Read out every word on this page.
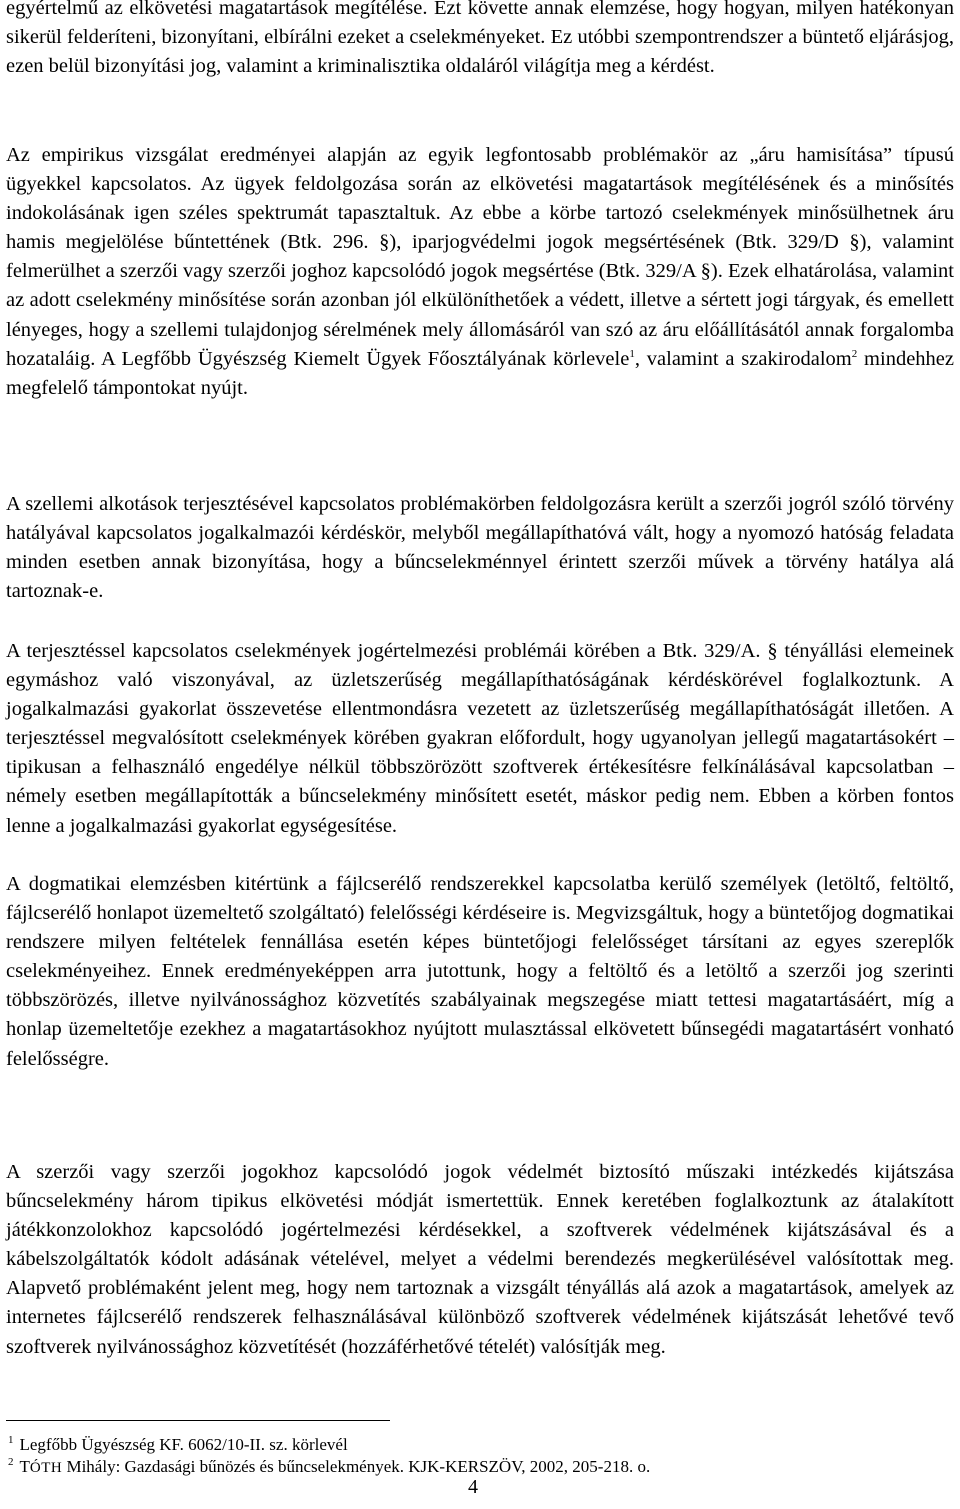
egyértelmű az elkövetési magatartások megítélése. Ezt követte annak elemzése, hogy hogyan, milyen hatékonyan sikerül felderíteni, bizonyítani, elbírálni ezeket a cselekményeket. Ez utóbbi szempontrendszer a büntető eljárásjog, ezen belül bizonyítási jog, valamint a kriminalisztika oldaláról világítja meg a kérdést.

Az empirikus vizsgálat eredményei alapján az egyik legfontosabb problémakör az „áru hamisítása” típusú ügyekkel kapcsolatos. Az ügyek feldolgozása során az elkövetési magatartások megítélésének és a minősítés indokolásának igen széles spektrumát tapasztaltuk. Az ebbe a körbe tartozó cselekmények minősülhetnek áru hamis megjelölése bűntettének (Btk. 296. §), iparjogvédelmi jogok megsértésének (Btk. 329/D §), valamint felmerülhet a szerzői vagy szerzői joghoz kapcsolódó jogok megsértése (Btk. 329/A §). Ezek elhatárolása, valamint az adott cselekmény minősítése során azonban jól elkülöníthetőek a védett, illetve a sértett jogi tárgyak, és emellett lényeges, hogy a szellemi tulajdonjog sérelmének mely állomásáról van szó az áru előállításától annak forgalomba hozataláig. A Legfőbb Ügyészség Kiemelt Ügyek Főosztályának körlevele$^1$, valamint a szakirodalom$^2$ mindehhez megfelelő támpontokat nyújt.

A szellemi alkotások terjesztésével kapcsolatos problémakörben feldolgozásra került a szerzői jogról szóló törvény hatályával kapcsolatos jogalkalmazói kérdéskör, melyből megállapíthatóvá vált, hogy a nyomozó hatóság feladata minden esetben annak bizonyítása, hogy a bűncselekménnyel érintett szerzői művek a törvény hatálya alá tartoznak-e.

A terjesztéssel kapcsolatos cselekmények jogértelmezési problémái körében a Btk. 329/A. § tényállási elemeinek egymáshoz való viszonyával, az üzletszerűség megállapíthatóságának kérdéskörével foglalkoztunk. A jogalkalmazási gyakorlat összevetése ellentmondásra vezetett az üzletszerűség megállapíthatóságát illetően. A terjesztéssel megvalósított cselekmények körében gyakran előfordult, hogy ugyanolyan jellegű magatartásokért – tipikusan a felhasználó engedélye nélkül többszörözött szoftverek értékesítésre felkínálásával kapcsolatban – némely esetben megállapították a bűncselekmény minősített esetét, máskor pedig nem. Ebben a körben fontos lenne a jogalkalmazási gyakorlat egységesítése.

A dogmatikai elemzésben kitértünk a fájlcserélő rendszerekkel kapcsolatba kerülő személyek (letöltő, feltöltő, fájlcserélő honlapot üzemeltető szolgáltató) felelősségi kérdéseire is. Megvizsgáltuk, hogy a büntetőjog dogmatikai rendszere milyen feltételek fennállása esetén képes büntetőjogi felelősséget társítani az egyes szereplők cselekményeihez. Ennek eredményeképpen arra jutottunk, hogy a feltöltő és a letöltő a szerzői jog szerinti többszörözés, illetve nyilvánossághoz közvetítés szabályainak megszegése miatt tettesi magatartásáért, míg a honlap üzemeltetője ezekhez a magatartásokhoz nyújtott mulasztással elkövetett bűnsegédi magatartásért vonható felelősségre.

A szerzői vagy szerzői jogokhoz kapcsolódó jogok védelmét biztosító műszaki intézkedés kijátszása bűncselekmény három tipikus elkövetési módját ismertettük. Ennek keretében foglalkoztunk az átalakított játékkonzolokhoz kapcsolódó jogértelmezési kérdésekkel, a szoftverek védelmének kijátszásával és a kábelszolgáltatók kódolt adásának vételével, melyet a védelmi berendezés megkerülésével valósítottak meg. Alapvető problémaként jelent meg, hogy nem tartoznak a vizsgált tényállás alá azok a magatartások, amelyek az internetes fájlcserélő rendszerek felhasználásával különböző szoftverek védelmének kijátszását lehetővé tevő szoftverek nyilvánossághoz közvetítését (hozzáférhetővé tételét) valósítják meg.

$^1$ Legfőbb Ügyészség KF. 6062/10-II. sz. körlevél
$^2$ TÓTH Mihály: Gazdasági bűnözés és bűncselekmények. KJK-KERSZÖV, 2002, 205-218. o.
4
